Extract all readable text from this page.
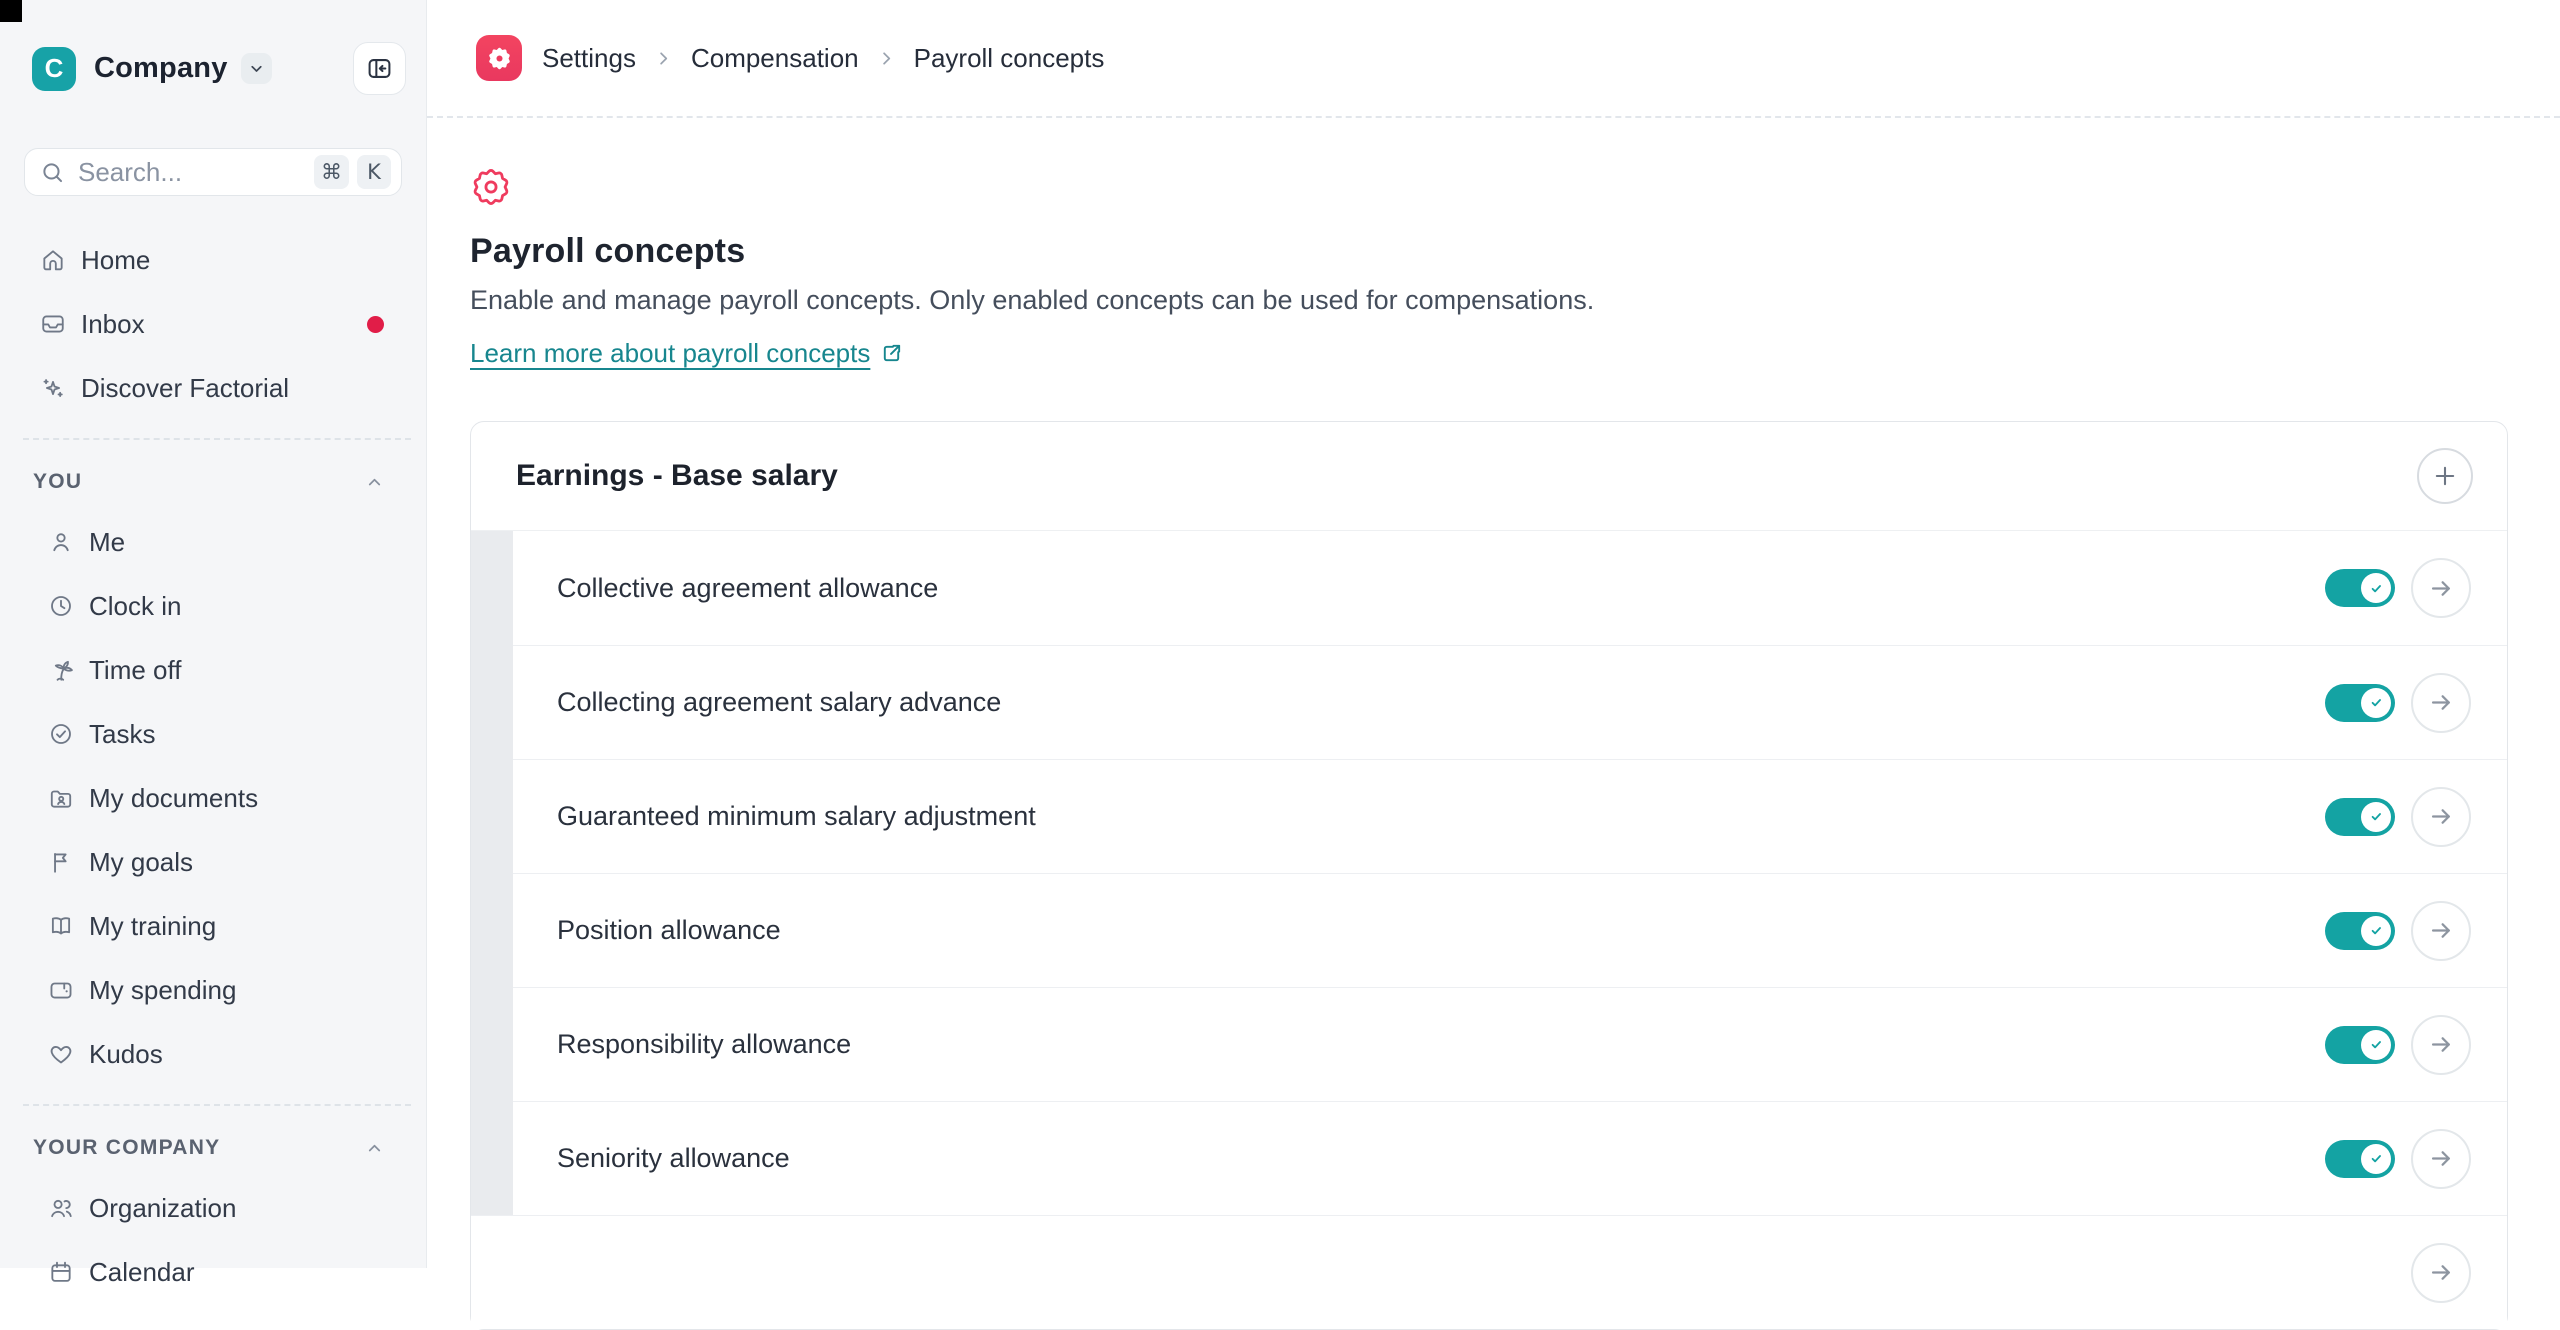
C Company
Search...
⌘	K
Home
Inbox
Discover Factorial
YOU
Me
Clock in
Time off
Tasks
My documents
My goals
My training
My spending
Kudos
YOUR COMPANY
Organization
Calendar
Settings Compensation Payroll concepts
Payroll concepts

Enable and manage payroll concepts. Only enabled concepts can be used for compensations.

Learn more about payroll concepts
Earnings - Base salary
Collective agreement allowance
Collecting agreement salary advance
Guaranteed minimum salary adjustment
Position allowance
Responsibility allowance
Seniority allowance
